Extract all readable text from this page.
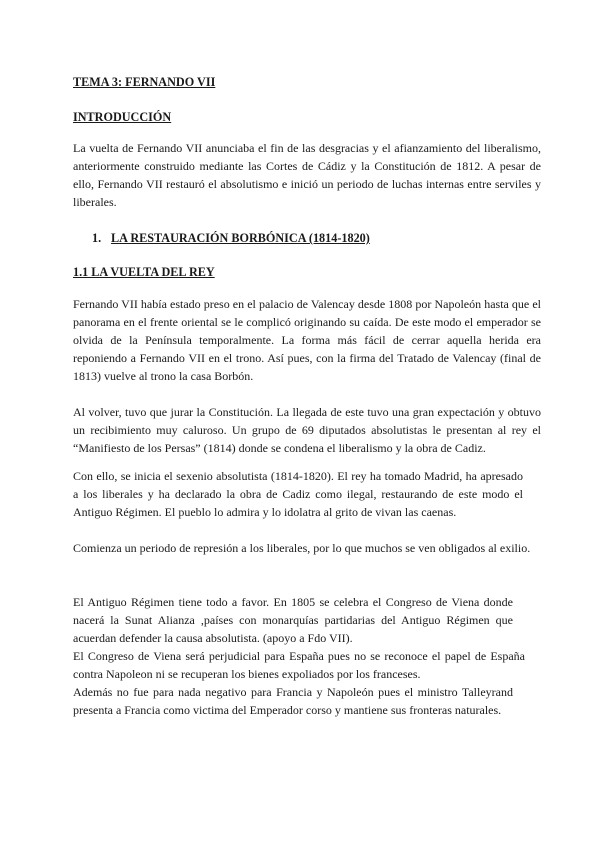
TEMA 3: FERNANDO VII
INTRODUCCIÓN

La vuelta de Fernando VII anunciaba el fin de las desgracias y el afianzamiento del liberalismo, anteriormente construido mediante las Cortes de Cádiz y la Constitución de 1812. A pesar de ello, Fernando VII restauró el absolutismo e inició un periodo de luchas internas entre serviles y liberales.

1. LA RESTAURACIÓN BORBÓNICA (1814-1820)
1.1 LA VUELTA DEL REY

Fernando VII había estado preso en el palacio de Valencay desde 1808 por Napoleón hasta que el panorama en el frente oriental se le complicó originando su caída. De este modo el emperador se olvida de la Península temporalmente. La forma más fácil de cerrar aquella herida era reponiendo a Fernando VII en el trono. Así pues, con la firma del Tratado de Valencay (final de 1813) vuelve al trono la casa Borbón.

Al volver, tuvo que jurar la Constitución. La llegada de este tuvo una gran expectación y obtuvo un recibimiento muy caluroso. Un grupo de 69 diputados absolutistas le presentan al rey el “Manifiesto de los Persas” (1814) donde se condena el liberalismo y la obra de Cadiz.

Con ello, se inicia el sexenio absolutista (1814-1820). El rey ha tomado Madrid, ha apresado a los liberales y ha declarado la obra de Cadiz como ilegal, restaurando de este modo el Antiguo Régimen. El pueblo lo admira y lo idolatra al grito de vivan las caenas.

Comienza un periodo de represión a los liberales, por lo que muchos se ven obligados al exilio.

El Antiguo Régimen tiene todo a favor. En 1805 se celebra el Congreso de Viena donde nacerá la Sunat Alianza ,países con monarquías partidarias del Antiguo Régimen que acuerdan defender la causa absolutista. (apoyo a Fdo VII).

El Congreso de Viena será perjudicial para España pues no se reconoce el papel de España contra Napoleon ni se recuperan los bienes expoliados por los franceses.

Además no fue para nada negativo para Francia y Napoleón pues el ministro Talleyrand presenta a Francia como victima del Emperador corso y mantiene sus fronteras naturales.
